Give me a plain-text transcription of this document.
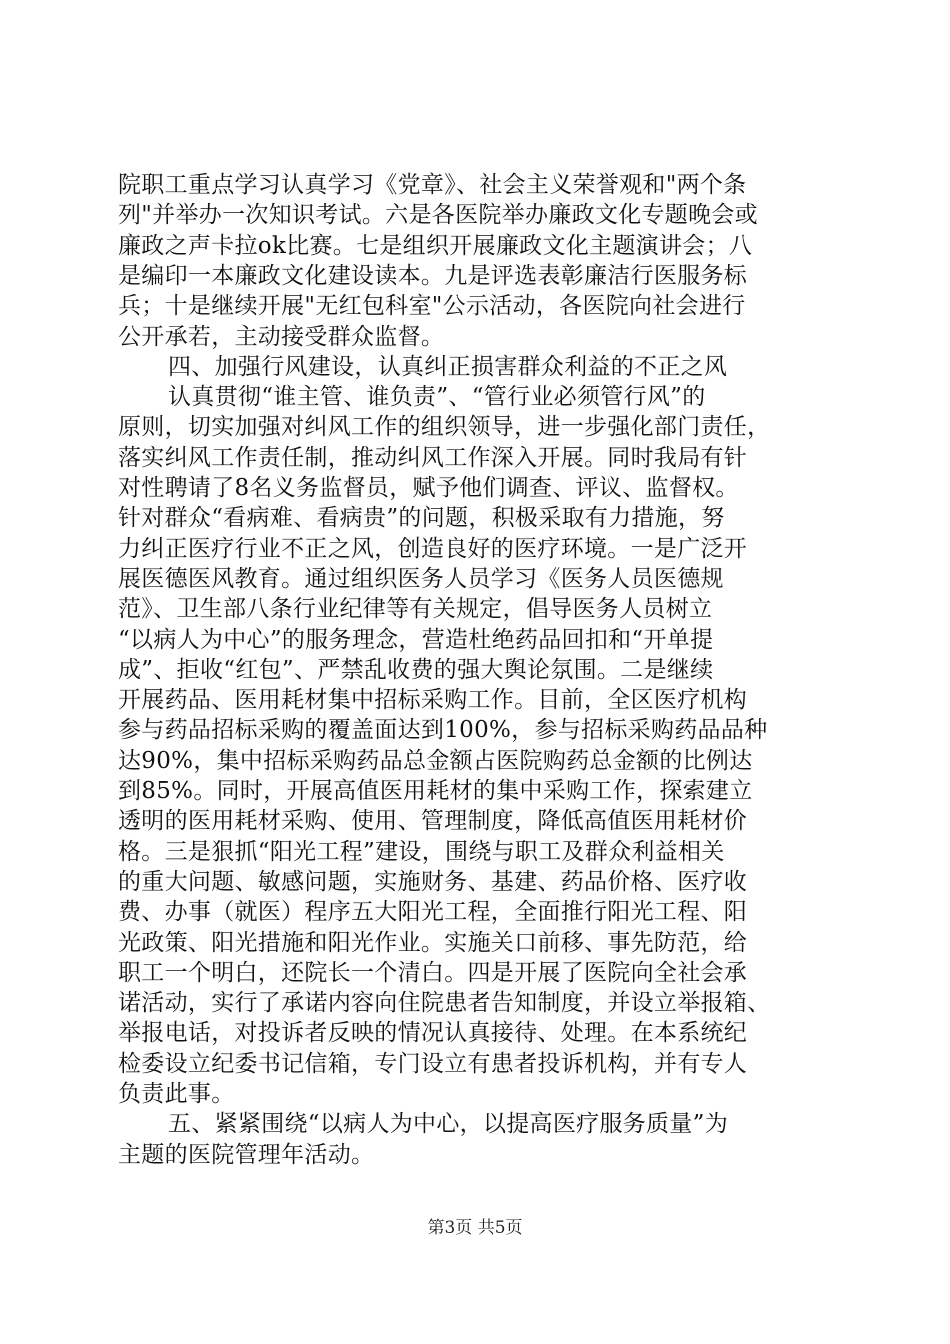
院职工重点学习认真学习《党章》、社会主义荣誉观和"两个条
列"并举办一次知识考试。六是各医院举办廉政文化专题晚会或
廉政之声卡拉ok比赛。七是组织开展廉政文化主题演讲会；八
是编印一本廉政文化建设读本。九是评选表彰廉洁行医服务标
兵；十是继续开展"无红包科室"公示活动，各医院向社会进行
公开承若，主动接受群众监督。
四、加强行风建设，认真纠正损害群众利益的不正之风
认真贯彻“谁主管、谁负责”、“管行业必须管行风”的
原则，切实加强对纠风工作的组织领导，进一步强化部门责任，
落实纠风工作责任制，推动纠风工作深入开展。同时我局有针
对性聘请了8名义务监督员，赋予他们调查、评议、监督权。
针对群众“看病难、看病贵”的问题，积极采取有力措施，努
力纠正医疗行业不正之风，创造良好的医疗环境。一是广泛开
展医德医风教育。通过组织医务人员学习《医务人员医德规
范》、卫生部八条行业纪律等有关规定，倡导医务人员树立
“以病人为中心”的服务理念，营造杜绝药品回扣和“开单提
成”、拒收“红包”、严禁乱收费的强大舆论氛围。二是继续
开展药品、医用耗材集中招标采购工作。目前，全区医疗机构
参与药品招标采购的覆盖面达到100%，参与招标采购药品品种
达90%，集中招标采购药品总金额占医院购药总金额的比例达
到85%。同时，开展高值医用耗材的集中采购工作，探索建立
透明的医用耗材采购、使用、管理制度，降低高值医用耗材价
格。三是狠抓“阳光工程”建设，围绕与职工及群众利益相关
的重大问题、敏感问题，实施财务、基建、药品价格、医疗收
费、办事（就医）程序五大阳光工程，全面推行阳光工程、阳
光政策、阳光措施和阳光作业。实施关口前移、事先防范，给
职工一个明白，还院长一个清白。四是开展了医院向全社会承
诺活动，实行了承诺内容向住院患者告知制度，并设立举报箱、
举报电话，对投诉者反映的情况认真接待、处理。在本系统纪
检委设立纪委书记信箱，专门设立有患者投诉机构，并有专人
负责此事。
五、紧紧围绕“以病人为中心，以提高医疗服务质量”为
主题的医院管理年活动。
第3页 共5页
